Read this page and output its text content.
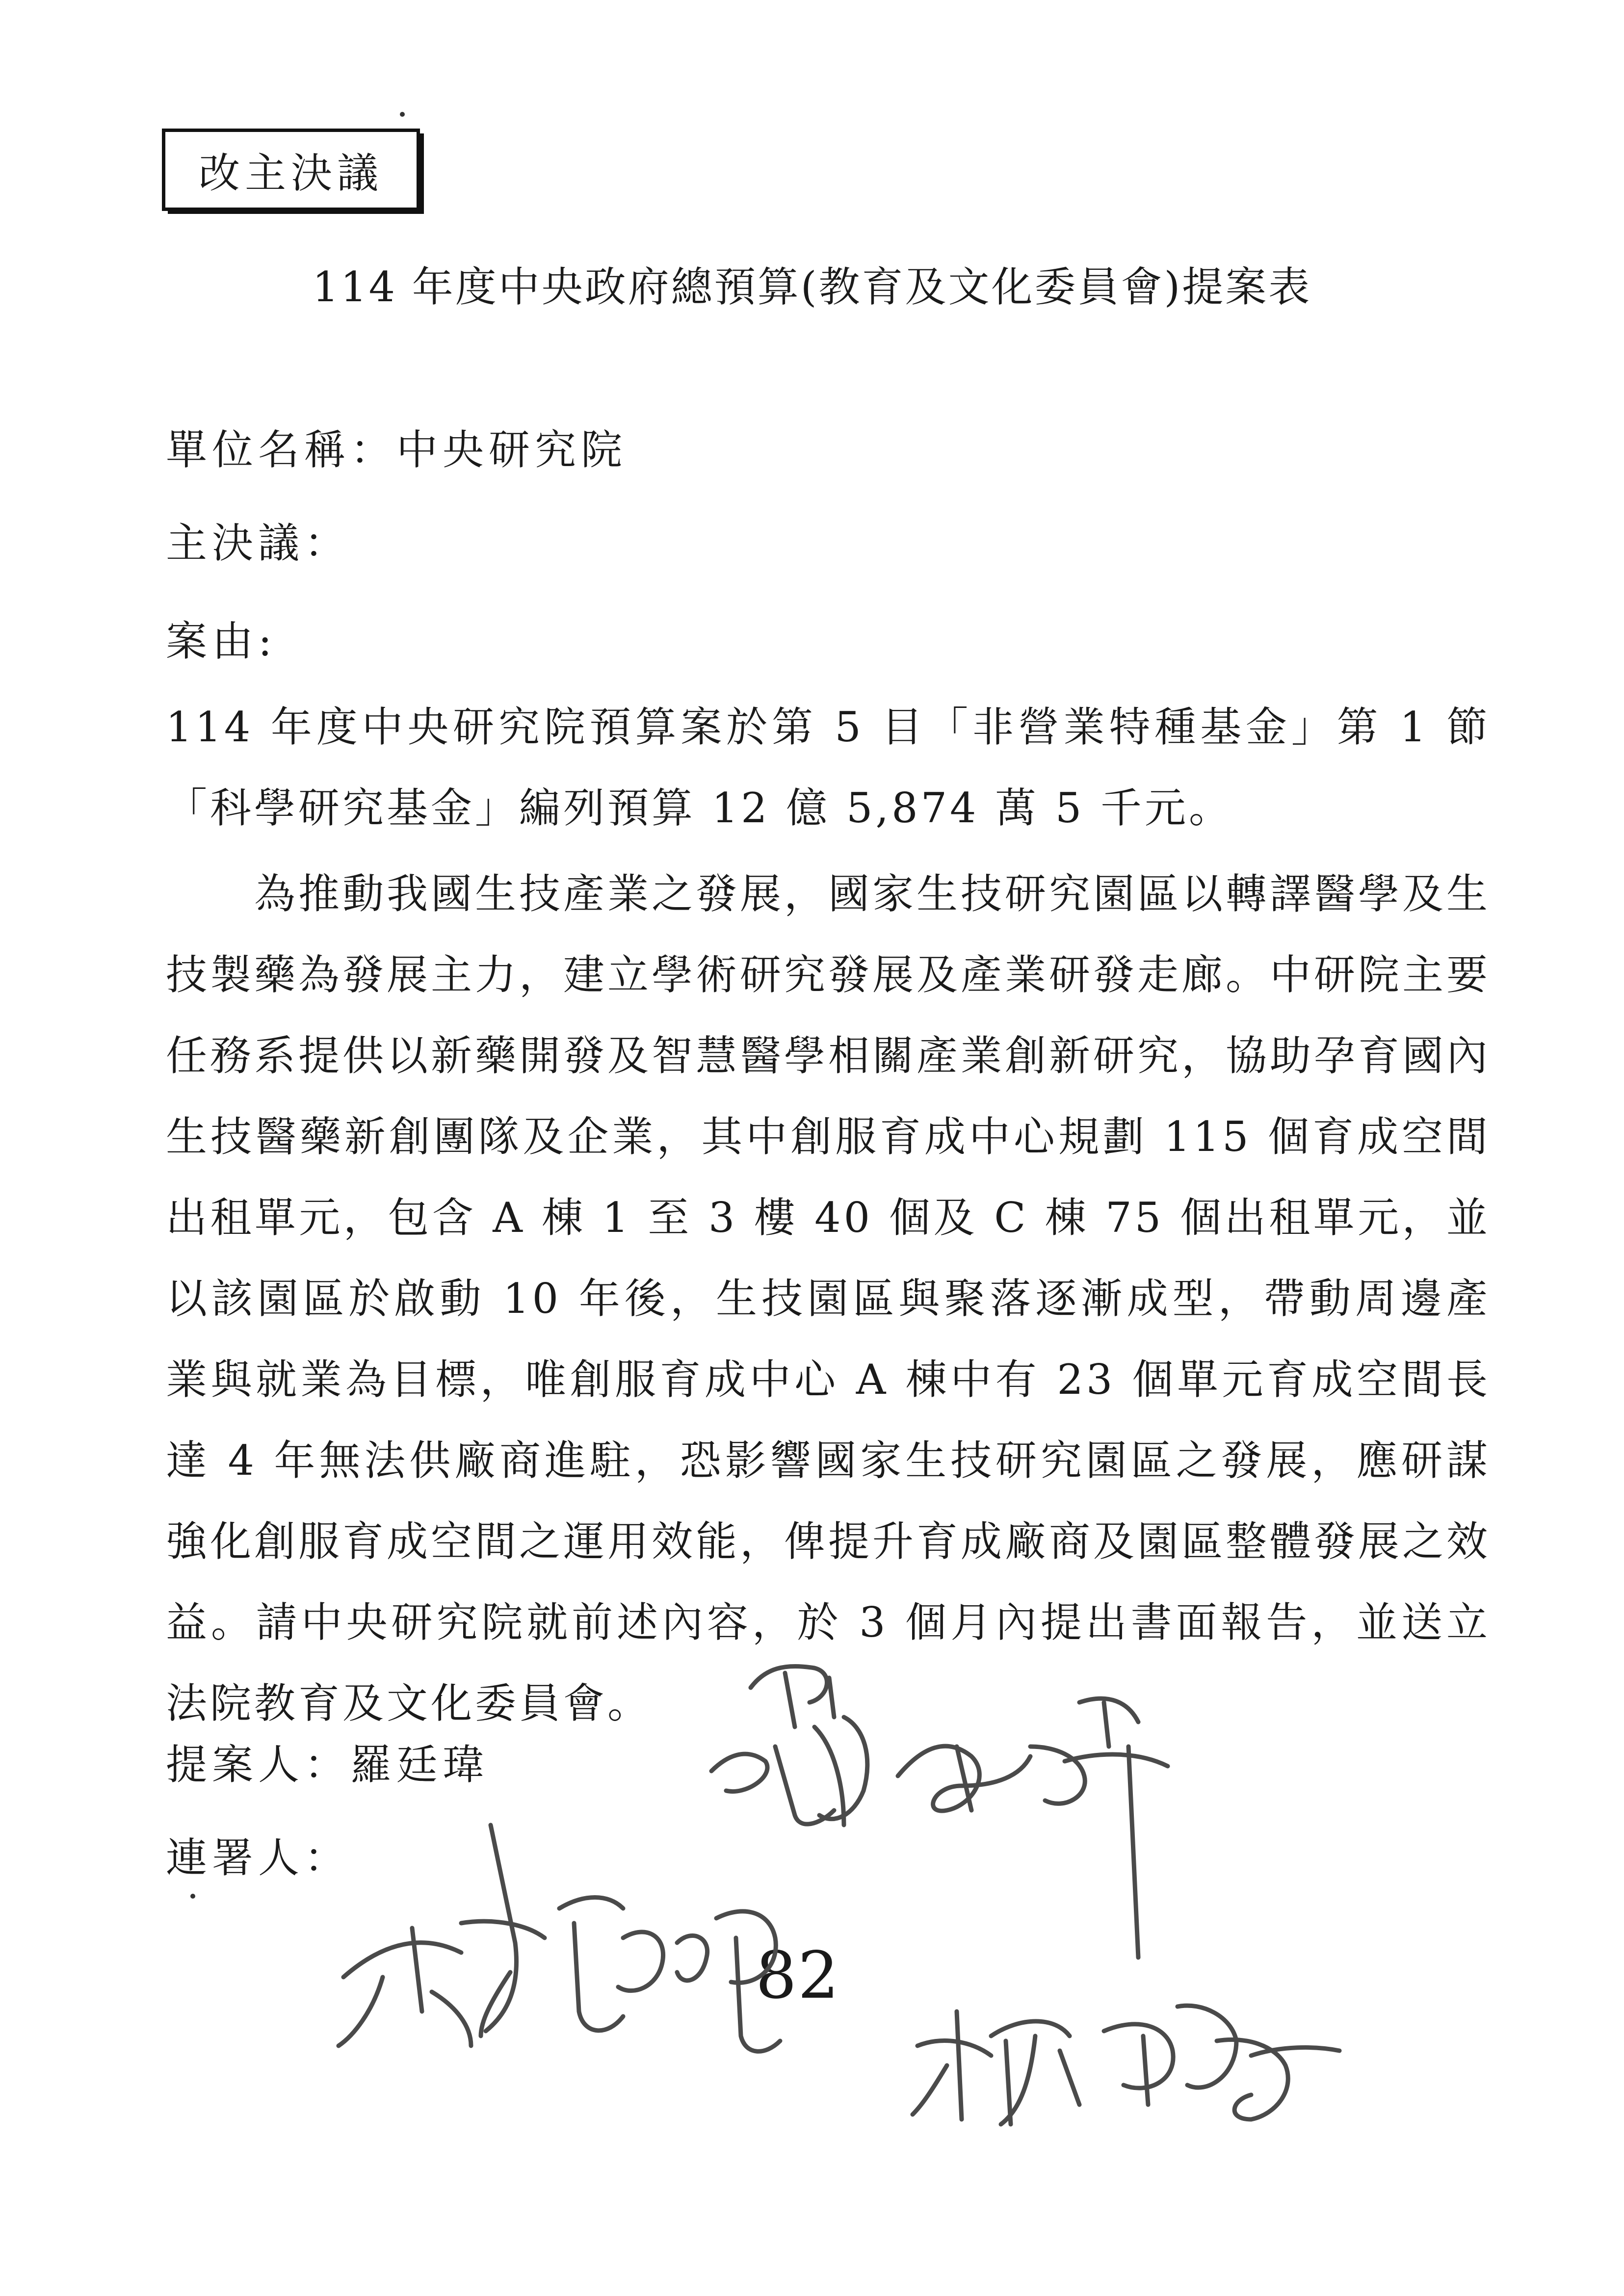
改主決議
114 年度中央政府總預算(教育及文化委員會)提案表
單位名稱：中央研究院
主決議：
案由:
114 年度中央研究院預算案於第 5 目「非營業特種基金」第 1 節「科學研究基金」編列預算 12 億 5,874 萬 5 千元。
為推動我國生技產業之發展，國家生技研究園區以轉譯醫學及生技製藥為發展主力，建立學術研究發展及產業研發走廊。中研院主要任務系提供以新藥開發及智慧醫學相關產業創新研究，協助孕育國內生技醫藥新創團隊及企業，其中創服育成中心規劃 115 個育成空間出租單元，包含 A 棟 1 至 3 樓 40 個及 C 棟 75 個出租單元，並以該園區於啟動 10 年後，生技園區與聚落逐漸成型，帶動周邊產業與就業為目標，唯創服育成中心 A 棟中有 23 個單元育成空間長達 4 年無法供廠商進駐，恐影響國家生技研究園區之發展，應研謀強化創服育成空間之運用效能，俾提升育成廠商及園區整體發展之效益。請中央研究院就前述內容，於 3 個月內提出書面報告，並送立法院教育及文化委員會。
提案人：羅廷瑋
連署人：
82
